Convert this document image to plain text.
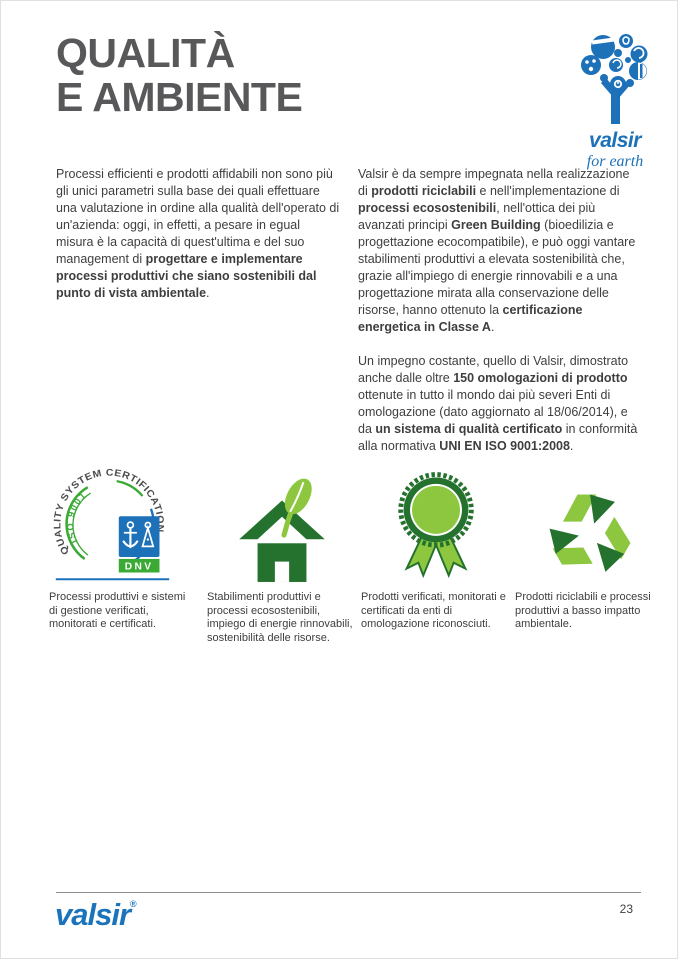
QUALITÀ
E AMBIENTE
valsir
for earth

Processi efficienti e prodotti affidabili non sono più gli unici parametri sulla base dei quali effettuare una valutazione in ordine alla qualità dell'operato di un'azienda: oggi, in effetti, a pesare in egual misura è la capacità di quest'ultima e del suo management di progettare e implementare processi produttivi che siano sostenibili dal punto di vista ambientale.

Valsir è da sempre impegnata nella realizzazione di prodotti riciclabili e nell'implementazione di processi ecosostenibili, nell'ottica dei più avanzati principi Green Building (bioedilizia e progettazione ecocompatibile), e può oggi vantare stabilimenti produttivi a elevata sostenibilità che, grazie all'impiego di energie rinnovabili e a una progettazione mirata alla conservazione delle risorse, hanno ottenuto la certificazione energetica in Classe A.

Un impegno costante, quello di Valsir, dimostrato anche dalle oltre 150 omologazioni di prodotto ottenute in tutto il mondo dai più severi Enti di omologazione (dato aggiornato al 18/06/2014), e da un sistema di qualità certificato in conformità alla normativa UNI EN ISO 9001:2008.

QUALITY SYSTEM CERTIFICATION
ISO 9001
DNV
Processi produttivi e sistemi di gestione verificati, monitorati e certificati.
Stabilimenti produttivi e processi ecosostenibili, impiego di energie rinnovabili, sostenibilità delle risorse.
Prodotti verificati, monitorati e certificati da enti di omologazione riconosciuti.
Prodotti riciclabili e processi produttivi a basso impatto ambientale.
valsir®	23
